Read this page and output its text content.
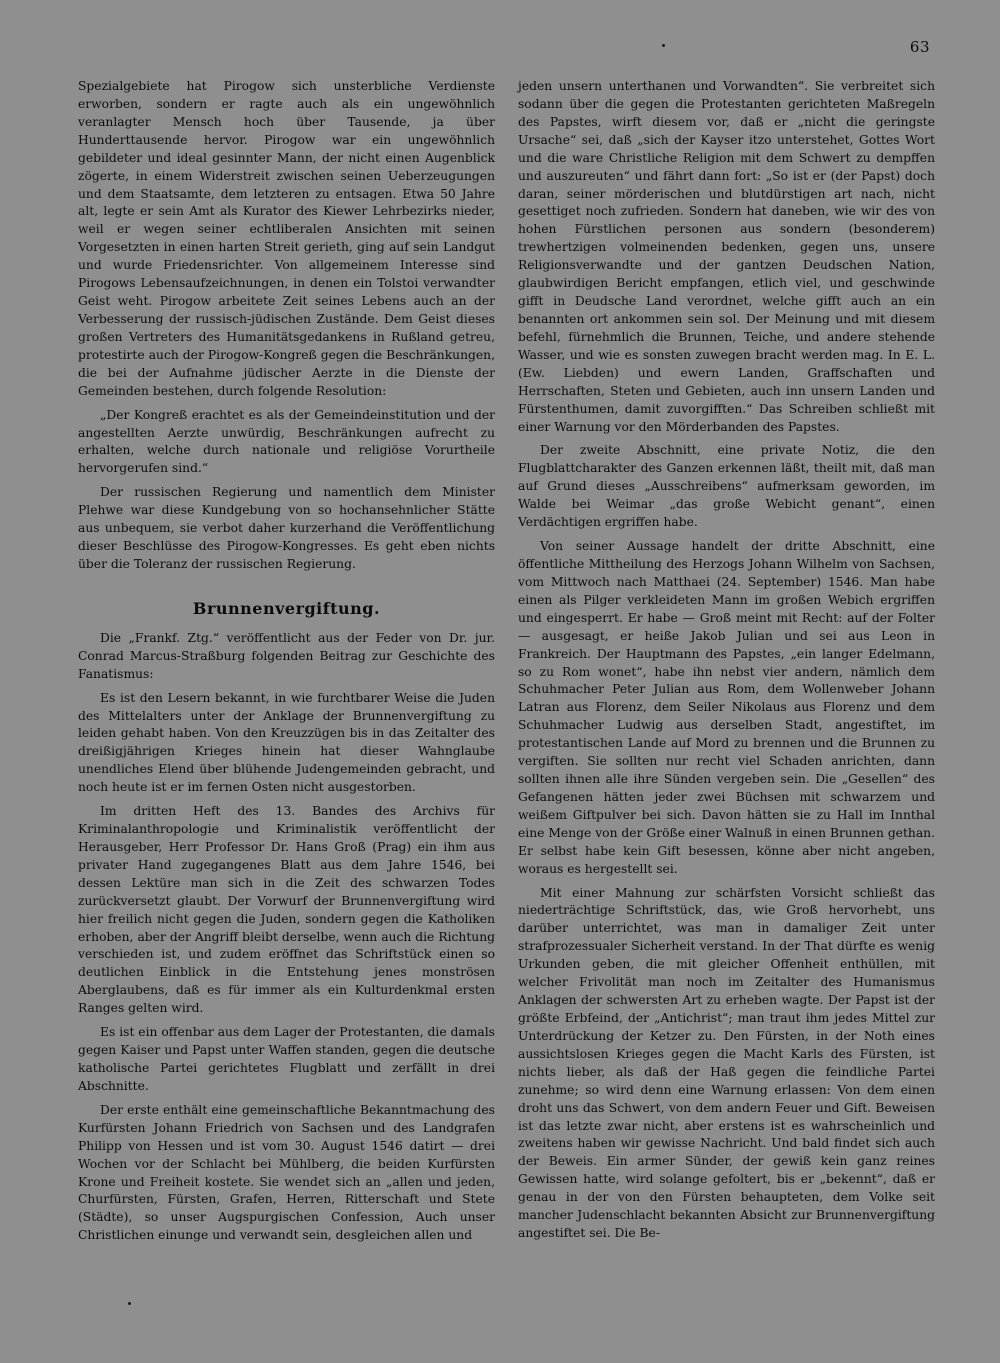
63

Spezialgebiete hat Pirogow sich unsterbliche Verdienste erworben, sondern er ragte auch als ein ungewöhnlich veranlagter Mensch hoch über Tausende, ja über Hunderttausende hervor. Pirogow war ein ungewöhnlich gebildeter und ideal gesinnter Mann, der nicht einen Augenblick zögerte, in einem Widerstreit zwischen seinen Ueberzeugungen und dem Staatsamte, dem letzteren zu entsagen. Etwa 50 Jahre alt, legte er sein Amt als Kurator des Kiewer Lehrbezirks nieder, weil er wegen seiner echtliberalen Ansichten mit seinen Vorgesetzten in einen harten Streit gerieth, ging auf sein Landgut und wurde Friedensrichter. Von allgemeinem Interesse sind Pirogows Lebensaufzeichnungen, in denen ein Tolstoi verwandter Geist weht. Pirogow arbeitete Zeit seines Lebens auch an der Verbesserung der russisch-jüdischen Zustände. Dem Geist dieses großen Vertreters des Humanitätsgedankens in Rußland getreu, protestirte auch der Pirogow-Kongreß gegen die Beschränkungen, die bei der Aufnahme jüdischer Aerzte in die Dienste der Gemeinden bestehen, durch folgende Resolution:

„Der Kongreß erachtet es als der Gemeindeinstitution und der angestellten Aerzte unwürdig, Beschränkungen aufrecht zu erhalten, welche durch nationale und religiöse Vorurtheile hervorgerufen sind.“

Der russischen Regierung und namentlich dem Minister Plehwe war diese Kundgebung von so hochansehnlicher Stätte aus unbequem, sie verbot daher kurzerhand die Veröffentlichung dieser Beschlüsse des Pirogow-Kongresses. Es geht eben nichts über die Toleranz der russischen Regierung.

Brunnenvergiftung.

Die „Frankf. Ztg.“ veröffentlicht aus der Feder von Dr. jur. Conrad Marcus-Straßburg folgenden Beitrag zur Geschichte des Fanatismus:

Es ist den Lesern bekannt, in wie furchtbarer Weise die Juden des Mittelalters unter der Anklage der Brunnenvergiftung zu leiden gehabt haben. Von den Kreuzzügen bis in das Zeitalter des dreißigjährigen Krieges hinein hat dieser Wahnglaube unendliches Elend über blühende Judengemeinden gebracht, und noch heute ist er im fernen Osten nicht ausgestorben.

Im dritten Heft des 13. Bandes des Archivs für Kriminalanthropologie und Kriminalistik veröffentlicht der Herausgeber, Herr Professor Dr. Hans Groß (Prag) ein ihm aus privater Hand zugegangenes Blatt aus dem Jahre 1546, bei dessen Lektüre man sich in die Zeit des schwarzen Todes zurückversetzt glaubt. Der Vorwurf der Brunnenvergiftung wird hier freilich nicht gegen die Juden, sondern gegen die Katholiken erhoben, aber der Angriff bleibt derselbe, wenn auch die Richtung verschieden ist, und zudem eröffnet das Schriftstück einen so deutlichen Einblick in die Entstehung jenes monströsen Aberglaubens, daß es für immer als ein Kulturdenkmal ersten Ranges gelten wird.

Es ist ein offenbar aus dem Lager der Protestanten, die damals gegen Kaiser und Papst unter Waffen standen, gegen die deutsche katholische Partei gerichtetes Flugblatt und zerfällt in drei Abschnitte.

Der erste enthält eine gemeinschaftliche Bekanntmachung des Kurfürsten Johann Friedrich von Sachsen und des Landgrafen Philipp von Hessen und ist vom 30. August 1546 datirt — drei Wochen vor der Schlacht bei Mühlberg, die beiden Kurfürsten Krone und Freiheit kostete. Sie wendet sich an „allen und jeden, Churfürsten, Fürsten, Grafen, Herren, Ritterschaft und Stete (Städte), so unser Augspurgischen Confession, Auch unser Christlichen einunge und verwandt sein, desgleichen allen und

jeden unsern unterthanen und Vorwandten“. Sie verbreitet sich sodann über die gegen die Protestanten gerichteten Maßregeln des Papstes, wirft diesem vor, daß er „nicht die geringste Ursache“ sei, daß „sich der Kayser itzo unterstehet, Gottes Wort und die ware Christliche Religion mit dem Schwert zu dempffen und auszureuten“ und fährt dann fort: „So ist er (der Papst) doch daran, seiner mörderischen und blutdürstigen art nach, nicht gesettiget noch zufrieden. Sondern hat daneben, wie wir des von hohen Fürstlichen personen aus sondern (besonderem) trewhertzigen volmeinenden bedenken, gegen uns, unsere Religionsverwandte und der gantzen Deudschen Nation, glaubwirdigen Bericht empfangen, etlich viel, und geschwinde gifft in Deudsche Land verordnet, welche gifft auch an ein benannten ort ankommen sein sol. Der Meinung und mit diesem befehl, fürnehmlich die Brunnen, Teiche, und andere stehende Wasser, und wie es sonsten zuwegen bracht werden mag. In E. L. (Ew. Liebden) und ewern Landen, Graffschaften und Herrschaften, Steten und Gebieten, auch inn unsern Landen und Fürstenthumen, damit zuvorgifften.“ Das Schreiben schließt mit einer Warnung vor den Mörderbanden des Papstes.

Der zweite Abschnitt, eine private Notiz, die den Flugblattcharakter des Ganzen erkennen läßt, theilt mit, daß man auf Grund dieses „Ausschreibens“ aufmerksam geworden, im Walde bei Weimar „das große Webicht genant“, einen Verdächtigen ergriffen habe.

Von seiner Aussage handelt der dritte Abschnitt, eine öffentliche Mittheilung des Herzogs Johann Wilhelm von Sachsen, vom Mittwoch nach Matthaei (24. September) 1546. Man habe einen als Pilger verkleideten Mann im großen Webich ergriffen und eingesperrt. Er habe — Groß meint mit Recht: auf der Folter — ausgesagt, er heiße Jakob Julian und sei aus Leon in Frankreich. Der Hauptmann des Papstes, „ein langer Edelmann, so zu Rom wonet“, habe ihn nebst vier andern, nämlich dem Schuhmacher Peter Julian aus Rom, dem Wollenweber Johann Latran aus Florenz, dem Seiler Nikolaus aus Florenz und dem Schuhmacher Ludwig aus derselben Stadt, angestiftet, im protestantischen Lande auf Mord zu brennen und die Brunnen zu vergiften. Sie sollten nur recht viel Schaden anrichten, dann sollten ihnen alle ihre Sünden vergeben sein. Die „Gesellen“ des Gefangenen hätten jeder zwei Büchsen mit schwarzem und weißem Giftpulver bei sich. Davon hätten sie zu Hall im Innthal eine Menge von der Größe einer Walnuß in einen Brunnen gethan. Er selbst habe kein Gift besessen, könne aber nicht angeben, woraus es hergestellt sei.

Mit einer Mahnung zur schärfsten Vorsicht schließt das niederträchtige Schriftstück, das, wie Groß hervorhebt, uns darüber unterrichtet, was man in damaliger Zeit unter strafprozessualer Sicherheit verstand. In der That dürfte es wenig Urkunden geben, die mit gleicher Offenheit enthüllen, mit welcher Frivolität man noch im Zeitalter des Humanismus Anklagen der schwersten Art zu erheben wagte. Der Papst ist der größte Erbfeind, der „Antichrist“; man traut ihm jedes Mittel zur Unterdrückung der Ketzer zu. Den Fürsten, in der Noth eines aussichtslosen Krieges gegen die Macht Karls des Fürsten, ist nichts lieber, als daß der Haß gegen die feindliche Partei zunehme; so wird denn eine Warnung erlassen: Von dem einen droht uns das Schwert, von dem andern Feuer und Gift. Beweisen ist das letzte zwar nicht, aber erstens ist es wahrscheinlich und zweitens haben wir gewisse Nachricht. Und bald findet sich auch der Beweis. Ein armer Sünder, der gewiß kein ganz reines Gewissen hatte, wird solange gefoltert, bis er „bekennt“, daß er genau in der von den Fürsten behaupteten, dem Volke seit mancher Judenschlacht bekannten Absicht zur Brunnenvergiftung angestiftet sei. Die Be-
